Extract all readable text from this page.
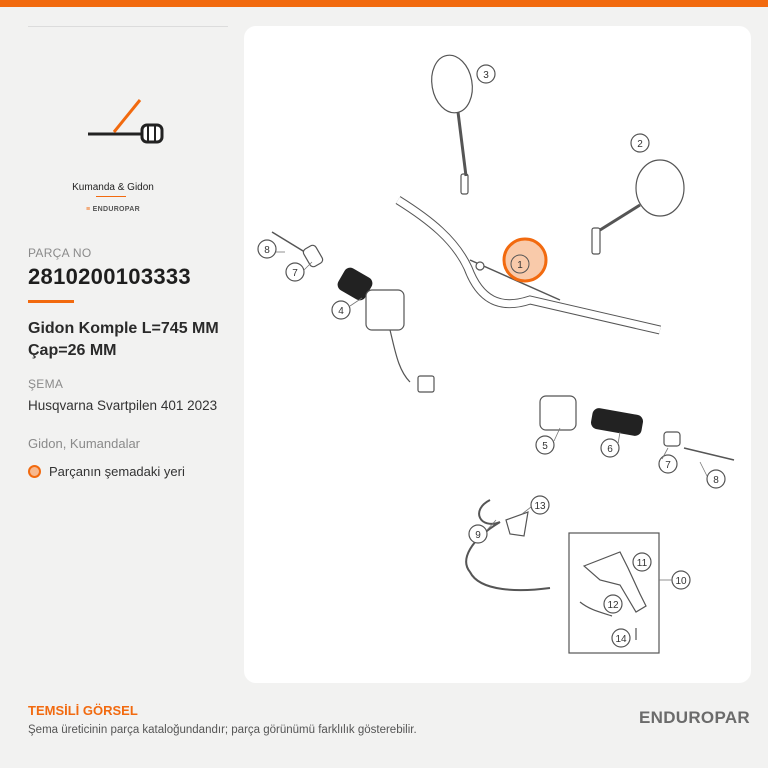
Kumanda & Gidon
≡ ENDUROPAR
PARÇA NO
2810200103333
Gidon Komple L=745 MM Çap=26 MM
ŞEMA
Husqvarna Svartpilen 401 2023
Gidon, Kumandalar
Parçanın şemadaki yeri
1
2
3
4
5	6
7
7
8
8
9
10
11
12
13
14
TEMSİLİ GÖRSEL
Şema üreticinin parça kataloğundandır; parça görünümü farklılık gösterebilir.
ENDUROPAR
